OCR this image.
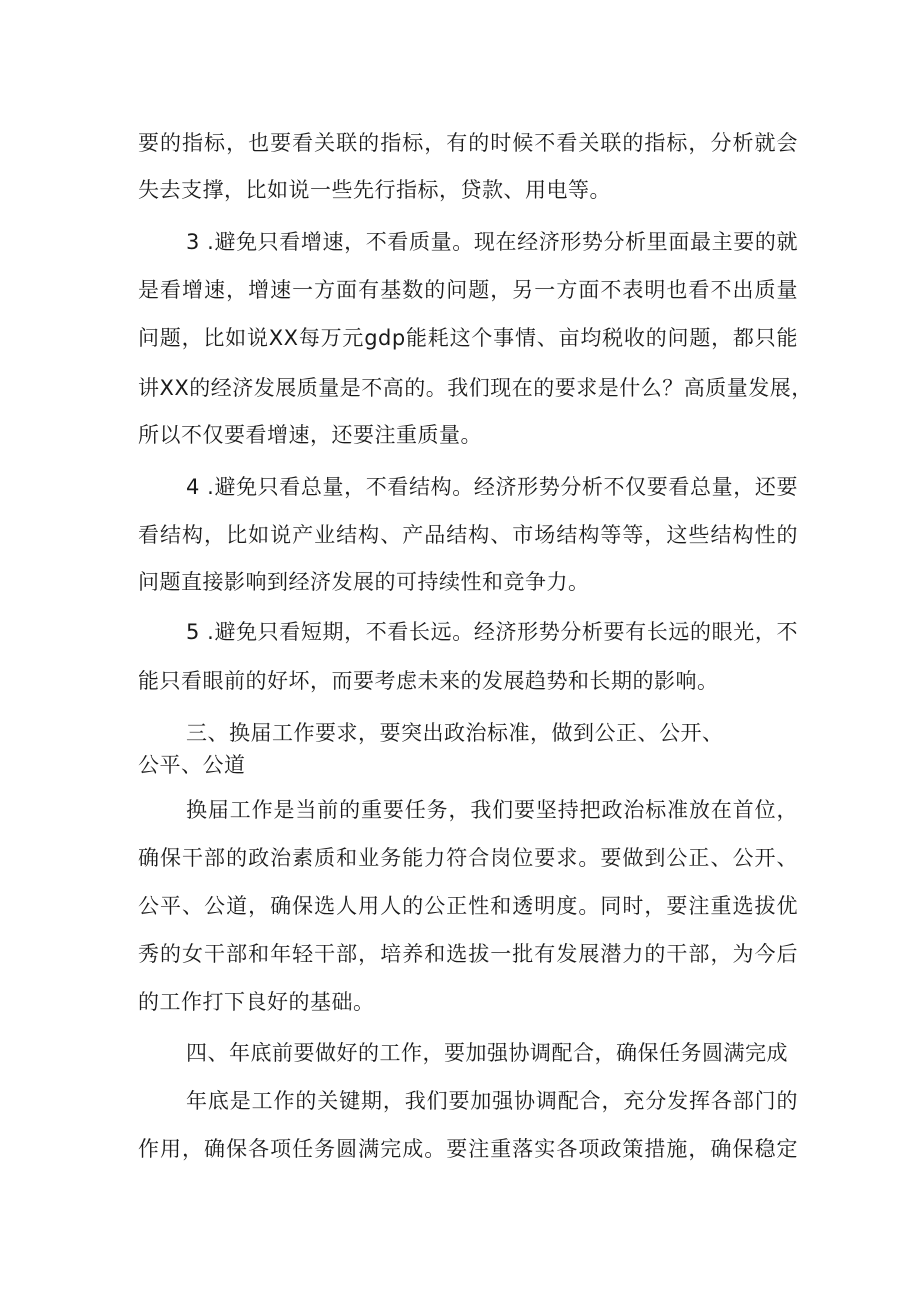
要的指标，也要看关联的指标，有的时候不看关联的指标，分析就会
失去支撑，比如说一些先行指标，贷款、用电等。
3 .避免只看增速，不看质量。现在经济形势分析里面最主要的就
是看增速，增速一方面有基数的问题，另一方面不表明也看不出质量
问题，比如说XX每万元gdp能耗这个事情、亩均税收的问题，都只能
讲XX的经济发展质量是不高的。我们现在的要求是什么？高质量发展，
所以不仅要看增速，还要注重质量。
4 .避免只看总量，不看结构。经济形势分析不仅要看总量，还要
看结构，比如说产业结构、产品结构、市场结构等等，这些结构性的
问题直接影响到经济发展的可持续性和竞争力。
5 .避免只看短期，不看长远。经济形势分析要有长远的眼光，不
能只看眼前的好坏，而要考虑未来的发展趋势和长期的影响。
三、换届工作要求，要突出政治标准，做到公正、公开、
公平、公道
换届工作是当前的重要任务，我们要坚持把政治标准放在首位，
确保干部的政治素质和业务能力符合岗位要求。要做到公正、公开、
公平、公道，确保选人用人的公正性和透明度。同时，要注重选拔优
秀的女干部和年轻干部，培养和选拔一批有发展潜力的干部，为今后
的工作打下良好的基础。
四、年底前要做好的工作，要加强协调配合，确保任务圆满完成
年底是工作的关键期，我们要加强协调配合，充分发挥各部门的
作用，确保各项任务圆满完成。要注重落实各项政策措施，确保稳定
